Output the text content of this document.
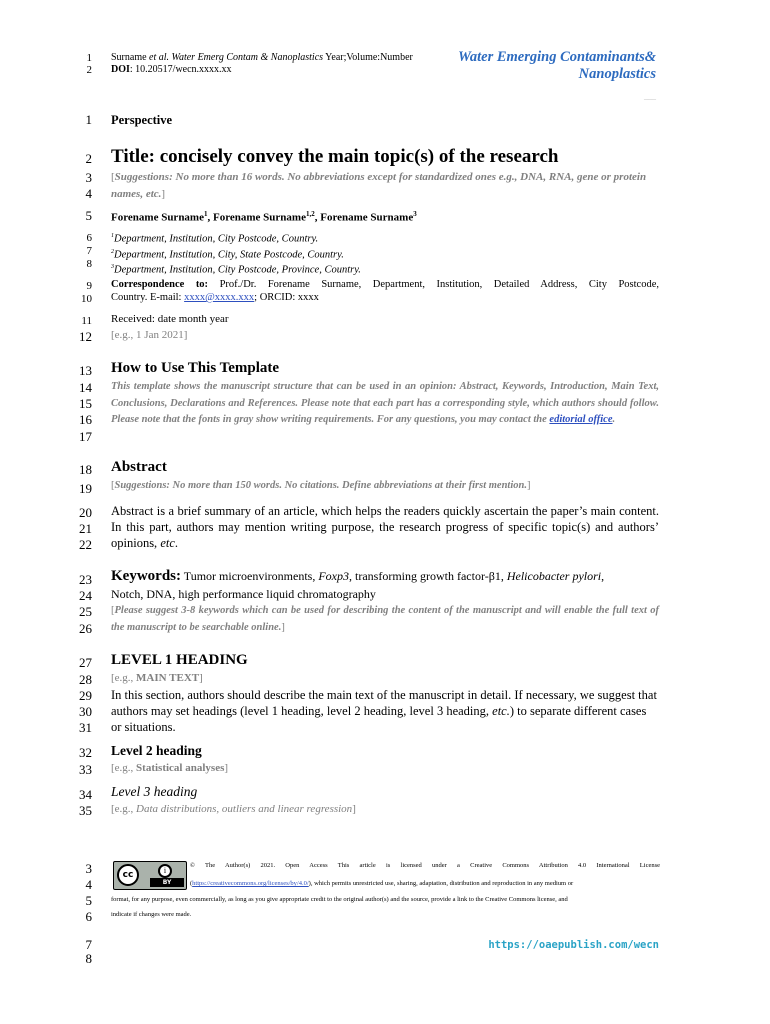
1
2
Surname et al. Water Emerg Contam & Nanoplastics Year;Volume:Number
DOI: 10.20517/wecn.xxxx.xx
Water Emerging Contaminants&
Nanoplastics
___
1 Perspective
2 Title: concisely convey the main topic(s) of the research
3
4
[Suggestions: No more than 16 words. No abbreviations except for standardized ones e.g., DNA, RNA, gene or protein names, etc.]
5 Forename Surname$^1$, Forename Surname$^{1,2}$, Forename Surname$^3$
6
7
8
$^1$Department, Institution, City Postcode, Country.
$^2$Department, Institution, City, State Postcode, Country.
$^3$Department, Institution, City Postcode, Province, Country.
9
10
Correspondence to: Prof./Dr. Forename Surname, Department, Institution, Detailed Address, City Postcode,
Country. E-mail: xxxx@xxxx.xxx; ORCID: xxxx
11 Received: date month year
12 [e.g., 1 Jan 2021]
13 How to Use This Template
14
15
16
17
This template shows the manuscript structure that can be used in an opinion: Abstract, Keywords, Introduction, Main Text, Conclusions, Declarations and References. Please note that each part has a corresponding style, which authors should follow. Please note that the fonts in gray show writing requirements. For any questions, you may contact the editorial office.
18 Abstract
19 [Suggestions: No more than 150 words. No citations. Define abbreviations at their first mention.]
20
21
22
Abstract is a brief summary of an article, which helps the readers quickly ascertain the paper’s main content. In this part, authors may mention writing purpose, the research progress of specific topic(s) and authors’ opinions, etc.
23
24
25
26
Keywords: Tumor microenvironments, Foxp3, transforming growth factor-β1, Helicobacter pylori,
Notch, DNA, high performance liquid chromatography
[Please suggest 3-8 keywords which can be used for describing the content of the manuscript and will enable the full text of the manuscript to be searchable online.]
27 LEVEL 1 HEADING
28 [e.g., MAIN TEXT]
29
30
31
In this section, authors should describe the main text of the manuscript in detail. If necessary, we suggest that authors may set headings (level 1 heading, level 2 heading, level 3 heading, etc.) to separate different cases or situations.
32 Level 2 heading
33 [e.g., Statistical analyses]
34 Level 3 heading
35 [e.g., Data distributions, outliers and linear regression]
3
4
5
6
cc	i
BY
© The Author(s) 2021. Open Access This article is licensed under a Creative Commons Attribution 4.0 International License
(https://creativecommons.org/licenses/by/4.0/), which permits unrestricted use, sharing, adaptation, distribution and reproduction in any medium or
format, for any purpose, even commercially, as long as you give appropriate credit to the original author(s) and the source, provide a link to the Creative Commons license, and
indicate if changes were made.
7
8
https://oaepublish.com/wecn
